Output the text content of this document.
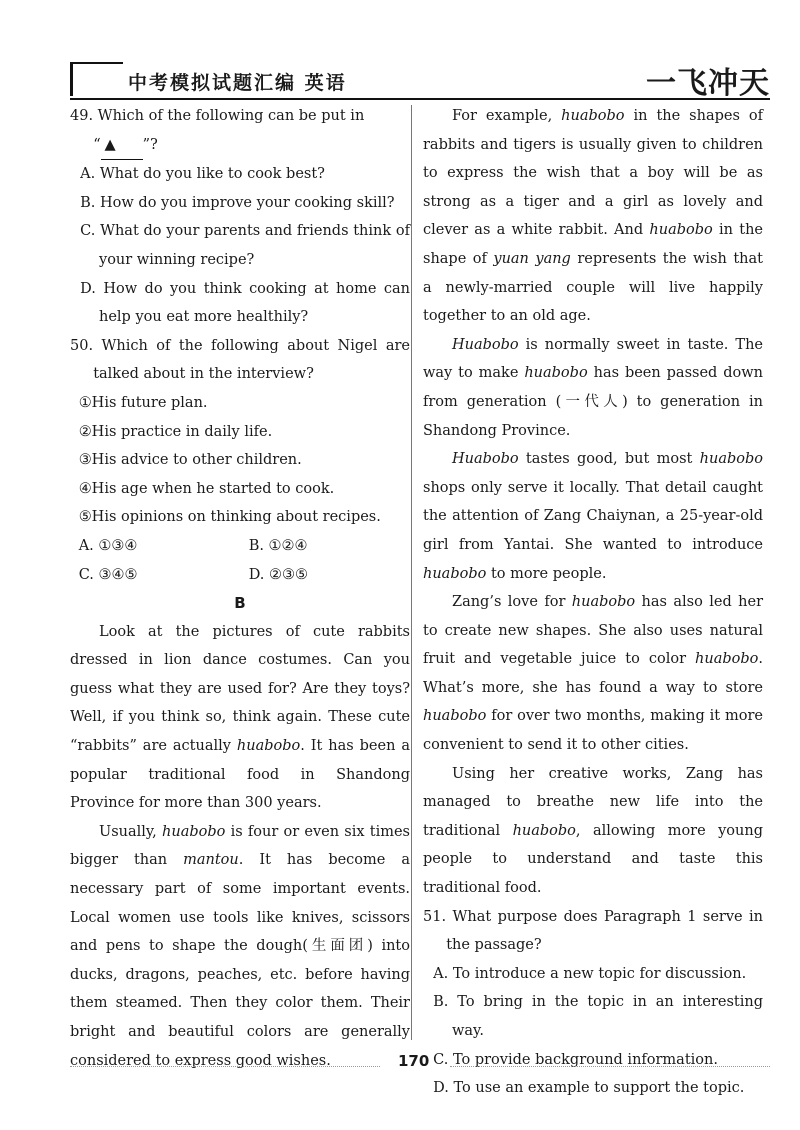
中考模拟试题汇编 英语	一飞冲天

49. Which of the following can be put in
“ ▲ ”?

A. What do you like to cook best?

B. How do you improve your cooking skill?

C. What do your parents and friends think of your winning recipe?

D. How do you think cooking at home can help you eat more healthily?

50. Which of the following about Nigel are talked about in the interview?

①His future plan.

②His practice in daily life.

③His advice to other children.

④His age when he started to cook.

⑤His opinions on thinking about recipes.

A. ①③④	B. ①②④
C. ③④⑤	D. ②③⑤

B

Look at the pictures of cute rabbits dressed in lion dance costumes. Can you guess what they are used for? Are they toys? Well, if you think so, think again. These cute “rabbits” are actually huabobo. It has been a popular traditional food in Shandong Province for more than 300 years.

Usually, huabobo is four or even six times bigger than mantou. It has become a necessary part of some important events. Local women use tools like knives, scissors and pens to shape the dough(生面团) into ducks, dragons, peaches, etc. before having them steamed. Then they color them. Their bright and beautiful colors are generally considered to express good wishes.

For example, huabobo in the shapes of rabbits and tigers is usually given to children to express the wish that a boy will be as strong as a tiger and a girl as lovely and clever as a white rabbit. And huabobo in the shape of yuan yang represents the wish that a newly-married couple will live happily together to an old age.

Huabobo is normally sweet in taste. The way to make huabobo has been passed down from generation (一代人) to generation in Shandong Province.

Huabobo tastes good, but most huabobo shops only serve it locally. That detail caught the attention of Zang Chaiynan, a 25-year-old girl from Yantai. She wanted to introduce huabobo to more people.

Zang’s love for huabobo has also led her to create new shapes. She also uses natural fruit and vegetable juice to color huabobo. What’s more, she has found a way to store huabobo for over two months, making it more convenient to send it to other cities.

Using her creative works, Zang has managed to breathe new life into the traditional huabobo, allowing more young people to understand and taste this traditional food.

51. What purpose does Paragraph 1 serve in the passage?

A. To introduce a new topic for discussion.

B. To bring in the topic in an interesting way.

C. To provide background information.

D. To use an example to support the topic.

170
